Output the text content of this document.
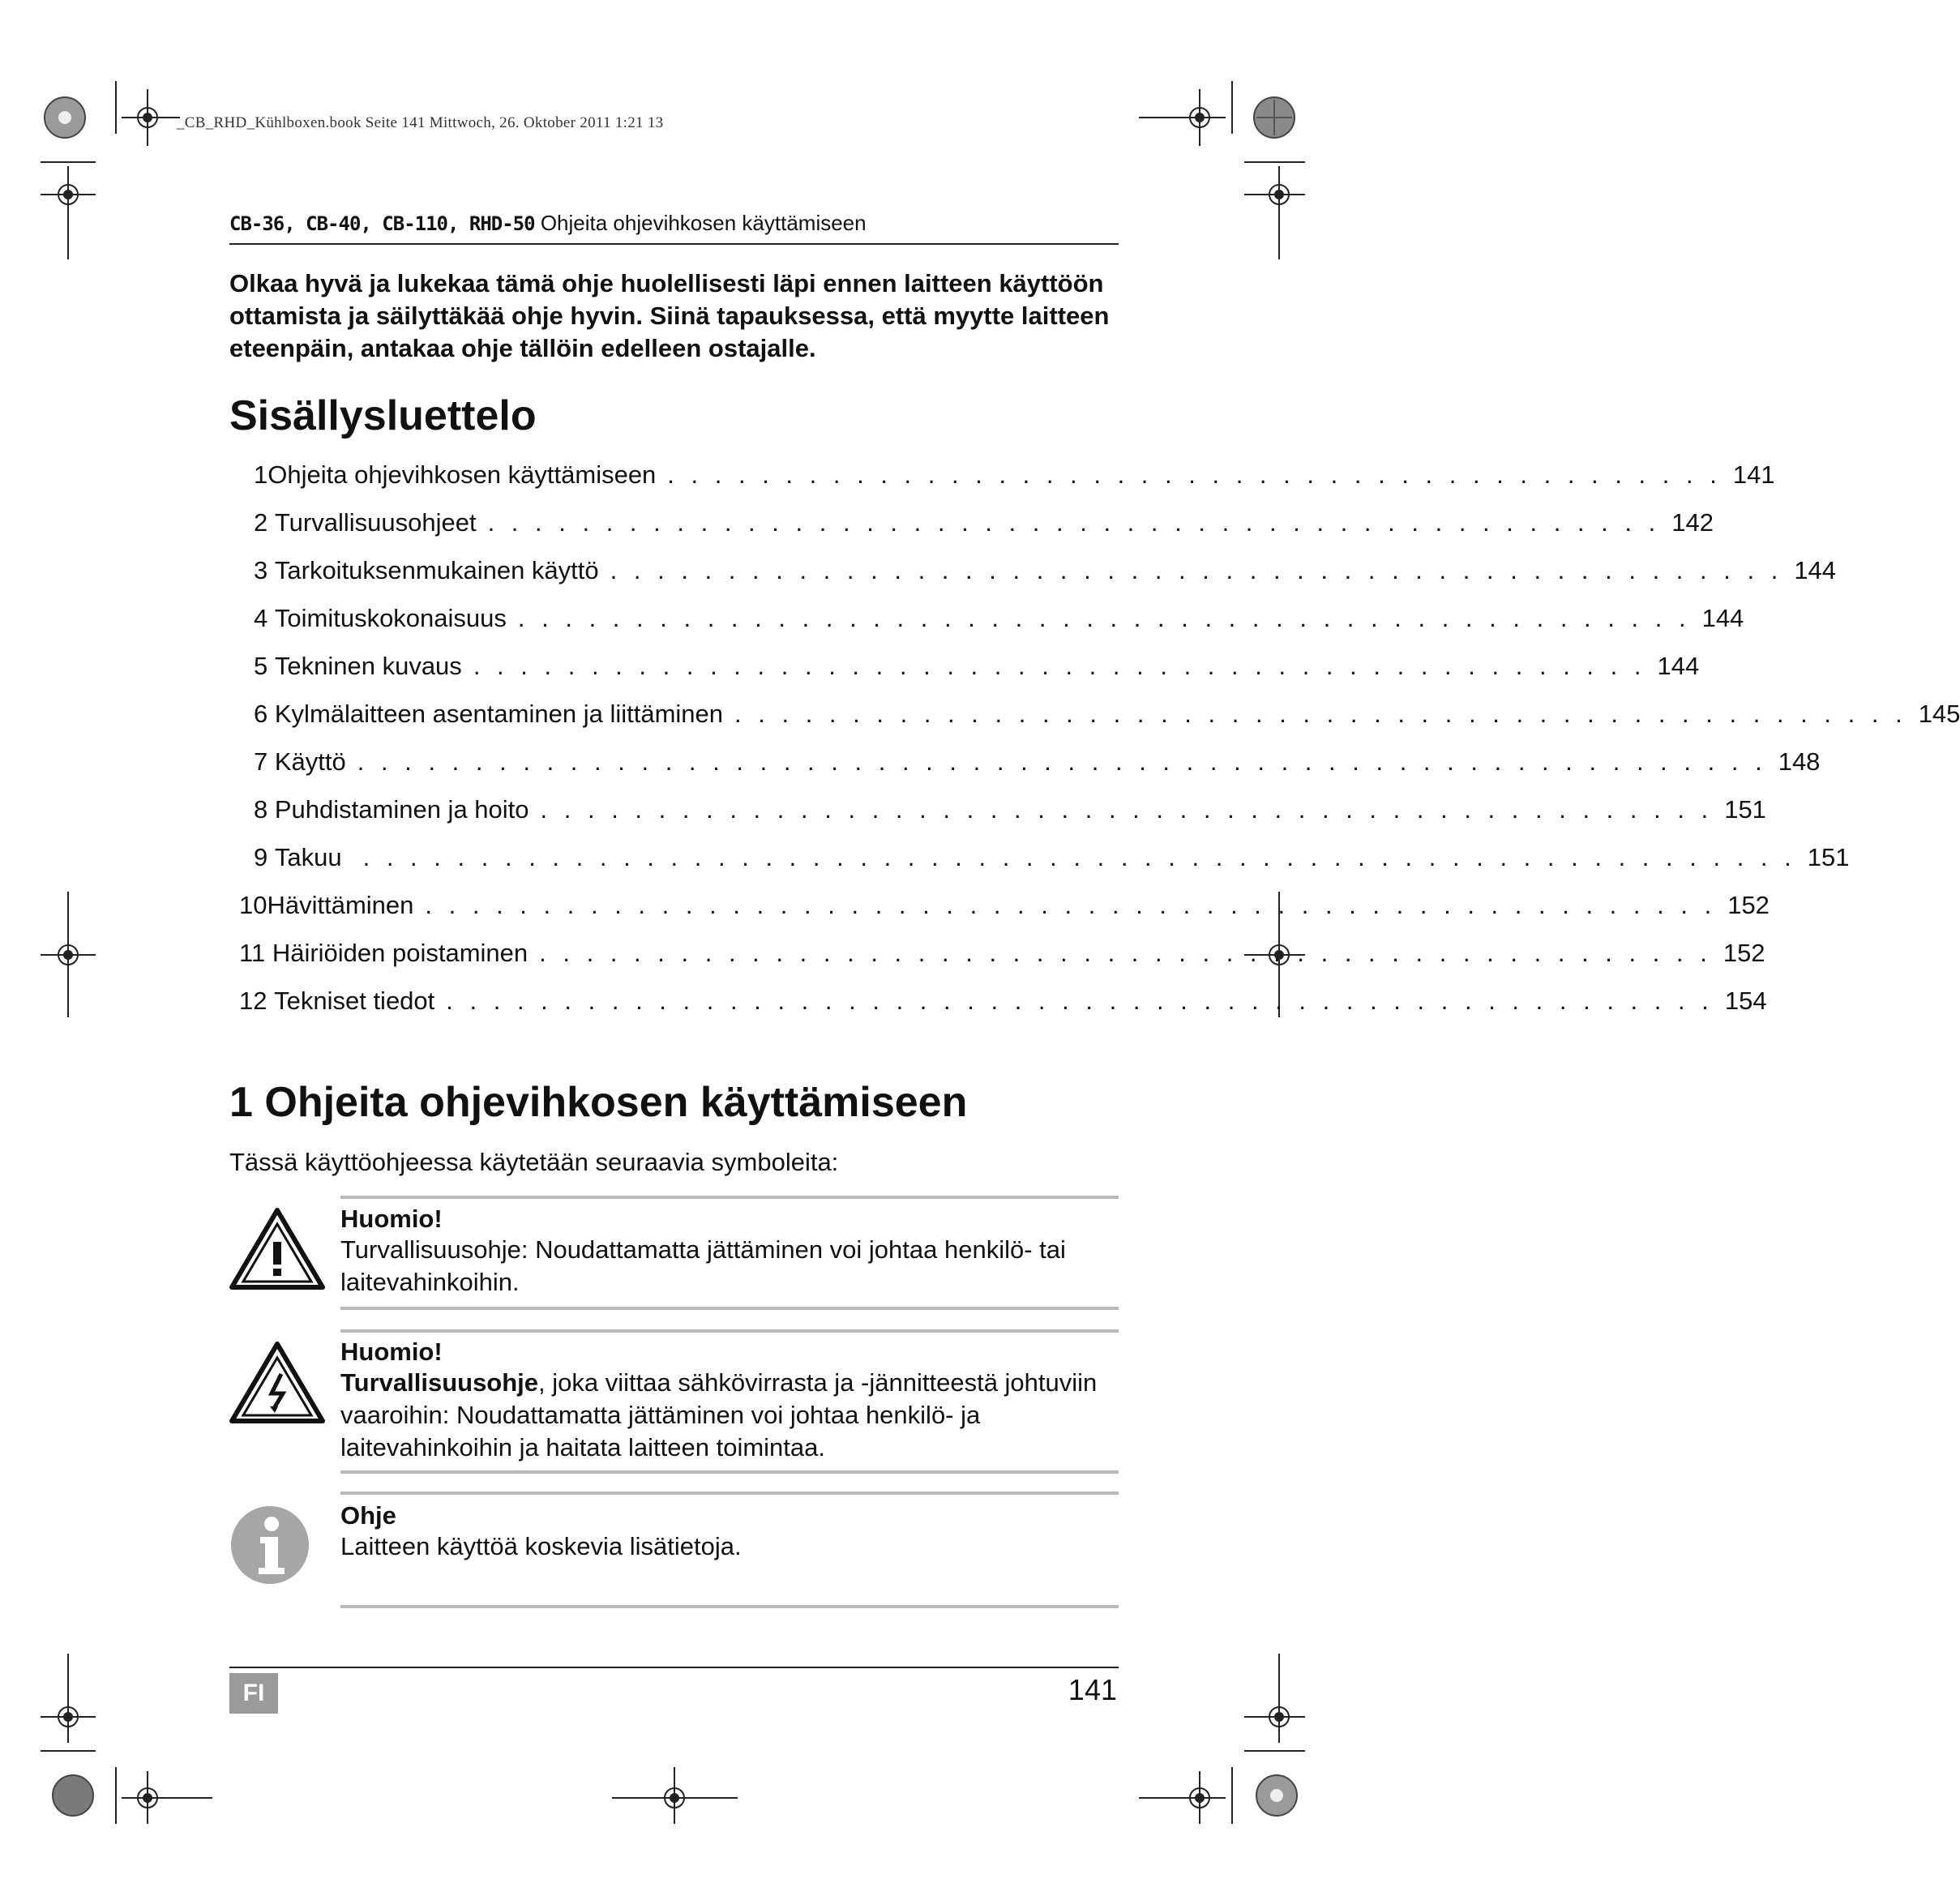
_CB_RHD_Kühlboxen.book Seite 141 Mittwoch, 26. Oktober 2011 1:21 13
CB-36, CB-40, CB-110, RHD-50 Ohjeita ohjevihkosen käyttämiseen
Olkaa hyvä ja lukekaa tämä ohje huolellisesti läpi ennen laitteen käyttöön ottamista ja säilyttäkää ohje hyvin. Siinä tapauksessa, että myytte laitteen eteenpäin, antakaa ohje tällöin edelleen ostajalle.
Sisällysluettelo
1 Ohjeita ohjevihkosen käyttämiseen . . . . . . . . . . . . . . . . . . . . . . . . . . . . . . . . . . . . . . . . . . . . . 141
2
Turvallisuusohjeet . . . . . . . . . . . . . . . . . . . . . . . . . . . . . . . . . . . . . . . . . . . . . . . . . . 142
3
Tarkoituksenmukainen käyttö . . . . . . . . . . . . . . . . . . . . . . . . . . . . . . . . . . . . . . . . . . . . . . . . . . 144
4
Toimituskokonaisuus . . . . . . . . . . . . . . . . . . . . . . . . . . . . . . . . . . . . . . . . . . . . . . . . . . 144
5
Tekninen kuvaus . . . . . . . . . . . . . . . . . . . . . . . . . . . . . . . . . . . . . . . . . . . . . . . . . . 144
6
Kylmälaitteen asentaminen ja liittäminen . . . . . . . . . . . . . . . . . . . . . . . . . . . . . . . . . . . . . . . . . . . . . . . . . . 145
7
Käyttö . . . . . . . . . . . . . . . . . . . . . . . . . . . . . . . . . . . . . . . . . . . . . . . . . . . . . . . . . . . . 148
8
Puhdistaminen ja hoito . . . . . . . . . . . . . . . . . . . . . . . . . . . . . . . . . . . . . . . . . . . . . . . . . . 151
9
Takuu . . . . . . . . . . . . . . . . . . . . . . . . . . . . . . . . . . . . . . . . . . . . . . . . . . . . . . . . . . . . . 151
10 Hävittäminen . . . . . . . . . . . . . . . . . . . . . . . . . . . . . . . . . . . . . . . . . . . . . . . . . . . . . . . 152
11
Häiriöiden poistaminen . . . . . . . . . . . . . . . . . . . . . . . . . . . . . . . . . . . . . . . . . . . . . . . . . . 152
12
Tekniset tiedot . . . . . . . . . . . . . . . . . . . . . . . . . . . . . . . . . . . . . . . . . . . . . . . . . . . . . . 154
1 Ohjeita ohjevihkosen käyttämiseen
Tässä käyttöohjeessa käytetään seuraavia symboleita:
Huomio!
Turvallisuusohje: Noudattamatta jättäminen voi johtaa henkilö- tai laitevahinkoihin.
Huomio!
Turvallisuusohje, joka viittaa sähkövirrasta ja -jännitteestä johtuviin vaaroihin: Noudattamatta jättäminen voi johtaa henkilö- ja laitevahinkoihin ja haitata laitteen toimintaa.
Ohje
Laitteen käyttöä koskevia lisätietoja.
FI	141
